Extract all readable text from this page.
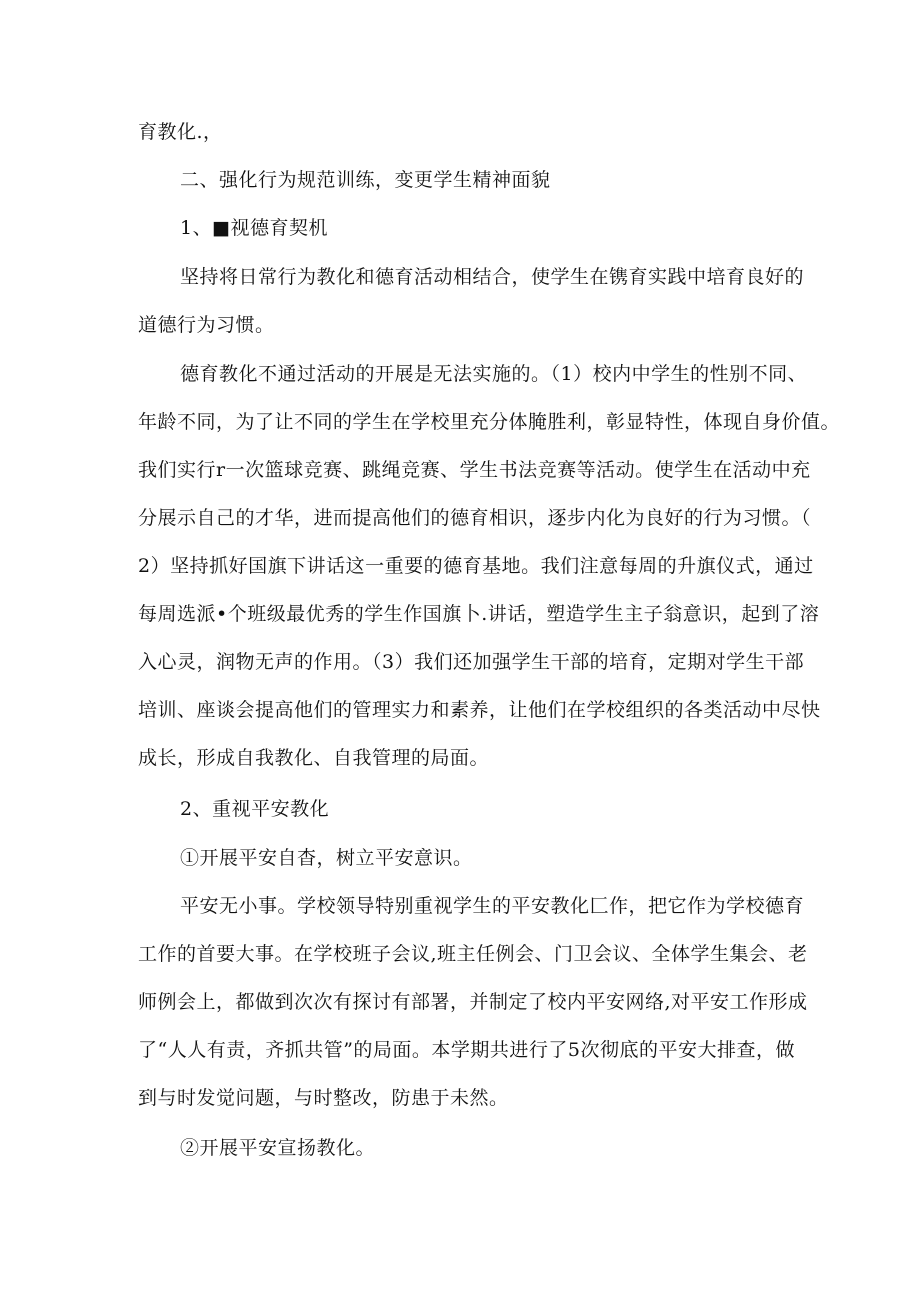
育教化.，
二、强化行为规范训练，变更学生精神面貌
1、■视德育契机
坚持将日常行为教化和德育活动相结合，使学生在镌育实践中培育良好的
道德行为习惯。
德育教化不通过活动的开展是无法实施的。（1）校内中学生的性别不同、
年龄不同，为了让不同的学生在学校里充分体腌胜利，彰显特性，体现自身价值。
我们实行r一次篮球竞赛、跳绳竞赛、学生书法竞赛等活动。使学生在活动中充
分展示自己的才华，进而提高他们的德育相识，逐步内化为良好的行为习惯。（
2）坚持抓好国旗下讲话这一重要的德育基地。我们注意每周的升旗仪式，通过
每周选派•个班级最优秀的学生作国旗卜.讲话，塑造学生主子翁意识，起到了溶
入心灵，润物无声的作用。（3）我们还加强学生干部的培育，定期对学生干部
培训、座谈会提高他们的管理实力和素养，让他们在学校组织的各类活动中尽快
成长，形成自我教化、自我管理的局面。
2、重视平安教化
①开展平安自杳，树立平安意识。
平安无小事。学校领导特别重视学生的平安教化匚作，把它作为学校德育
工作的首要大事。在学校班子会议,班主任例会、门卫会议、全体学生集会、老
师例会上，都做到次次有探讨有部署，并制定了校内平安网络,对平安工作形成
了“人人有责，齐抓共管”的局面。本学期共进行了5次彻底的平安大排查，做
到与时发觉问题，与时整改，防患于未然。
②开展平安宣扬教化。
